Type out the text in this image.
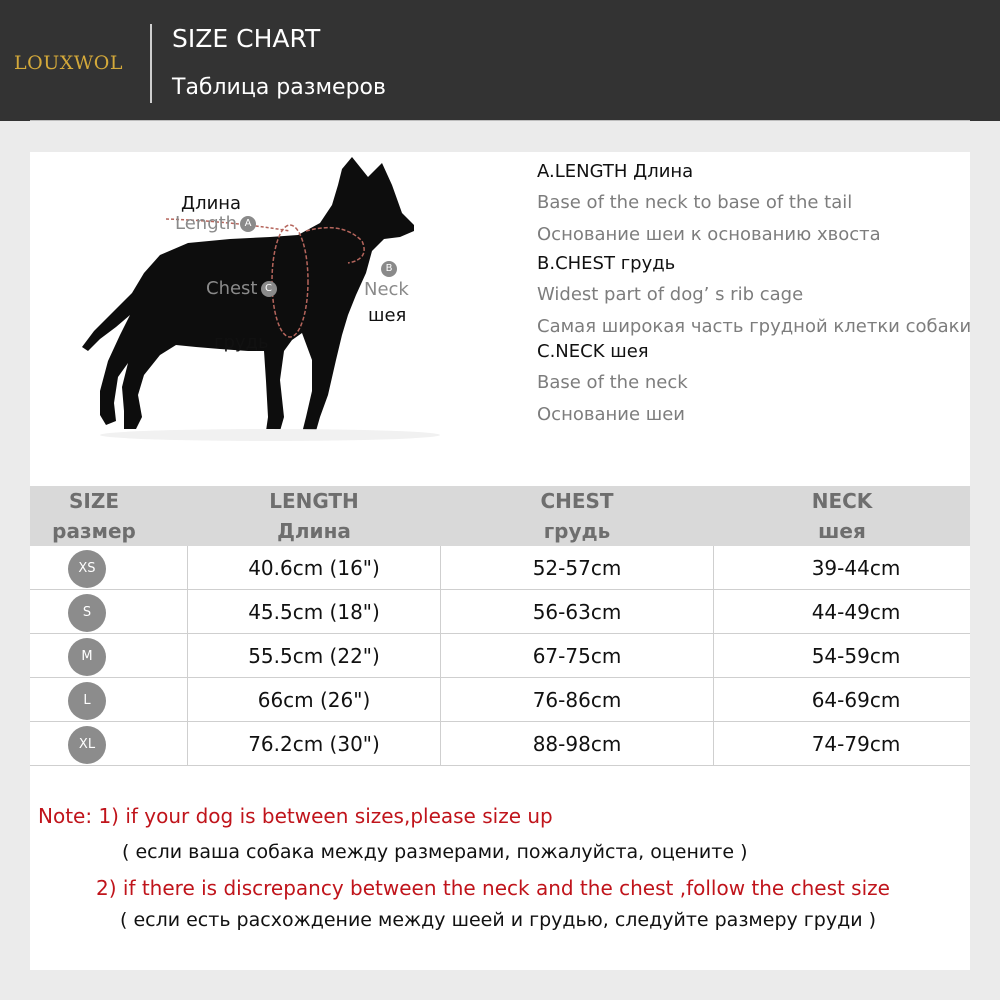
LOUXWOL
SIZE CHART
Таблица размеров
Длина
Length A
Chest C
грудь
B
Neck
шея
A.LENGTH Длина
Base of the neck to base of the tail
Основание шеи к основанию хвоста
B.CHEST грудь
Widest part of dog’ s rib cage
Самая широкая часть грудной клетки собаки
C.NECK шея
Base of the neck
Основание шеи
SIZE
размер
LENGTH
Длина
CHEST
грудь
NECK
шея
XS	40.6cm (16")	52-57cm	39-44cm
S	45.5cm (18")	56-63cm	44-49cm
M	55.5cm (22")	67-75cm	54-59cm
L	66cm (26")	76-86cm	64-69cm
XL	76.2cm (30")	88-98cm	74-79cm
Note: 1) if your dog is between sizes,please size up
( если ваша собака между размерами, пожалуйста, оцените )
2) if there is discrepancy between the neck and the chest ,follow the chest size
( если есть расхождение между шеей и грудью, следуйте размеру груди )
